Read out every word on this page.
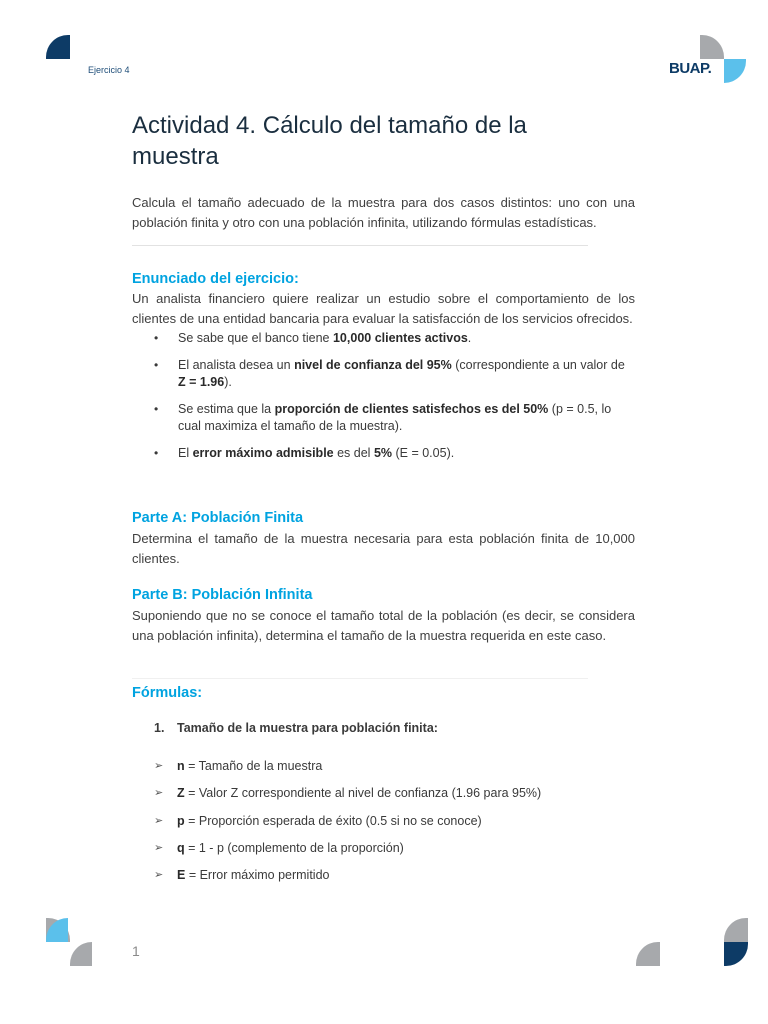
Ejercicio 4	BUAP.
Actividad 4. Cálculo del tamaño de la muestra

Calcula el tamaño adecuado de la muestra para dos casos distintos: uno con una población finita y otro con una población infinita, utilizando fórmulas estadísticas.

Enunciado del ejercicio:

Un analista financiero quiere realizar un estudio sobre el comportamiento de los clientes de una entidad bancaria para evaluar la satisfacción de los servicios ofrecidos.

• Se sabe que el banco tiene 10,000 clientes activos.
• El analista desea un nivel de confianza del 95% (correspondiente a un valor de Z = 1.96).
• Se estima que la proporción de clientes satisfechos es del 50% (p = 0.5, lo cual maximiza el tamaño de la muestra).
• El error máximo admisible es del 5% (E = 0.05).
Parte A: Población Finita

Determina el tamaño de la muestra necesaria para esta población finita de 10,000 clientes.

Parte B: Población Infinita

Suponiendo que no se conoce el tamaño total de la población (es decir, se considera una población infinita), determina el tamaño de la muestra requerida en este caso.

Fórmulas:
1. Tamaño de la muestra para población finita:
➢ n = Tamaño de la muestra
➢ Z = Valor Z correspondiente al nivel de confianza (1.96 para 95%)
➢ p = Proporción esperada de éxito (0.5 si no se conoce)
➢ q = 1 - p (complemento de la proporción)
➢ E = Error máximo permitido
1
